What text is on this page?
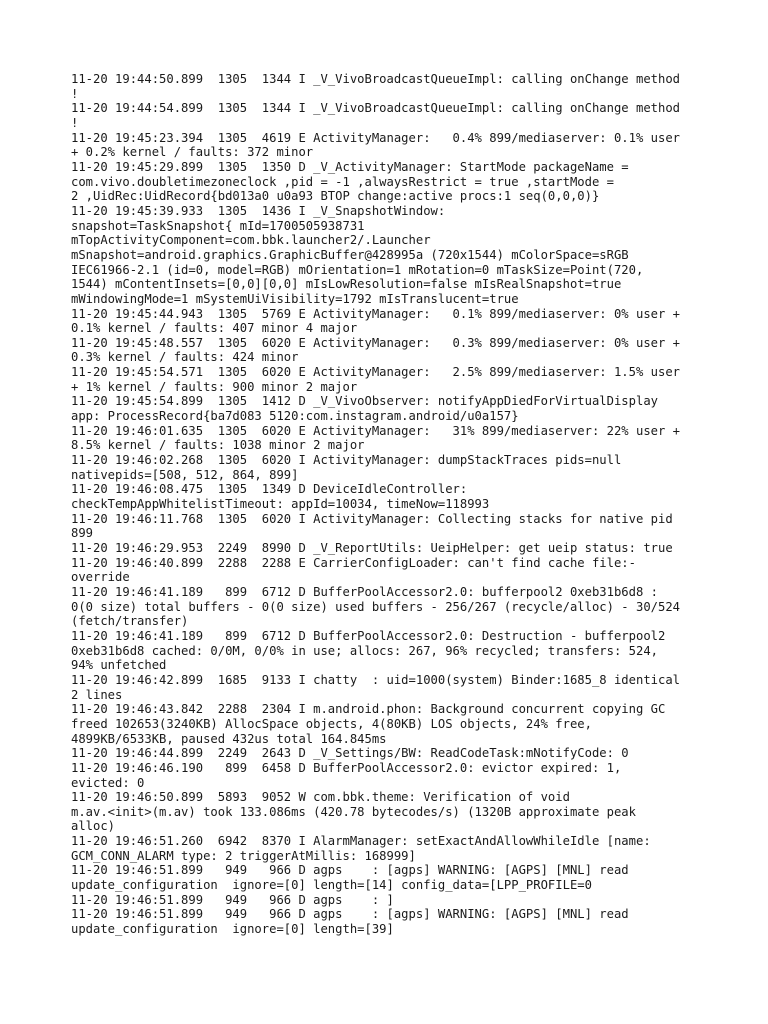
11-20 19:44:50.899  1305  1344 I _V_VivoBroadcastQueueImpl: calling onChange method
!
11-20 19:44:54.899  1305  1344 I _V_VivoBroadcastQueueImpl: calling onChange method
!
11-20 19:45:23.394  1305  4619 E ActivityManager:   0.4% 899/mediaserver: 0.1% user
+ 0.2% kernel / faults: 372 minor
11-20 19:45:29.899  1305  1350 D _V_ActivityManager: StartMode packageName =
com.vivo.doubletimezoneclock ,pid = -1 ,alwaysRestrict = true ,startMode =
2 ,UidRec:UidRecord{bd013a0 u0a93 BTOP change:active procs:1 seq(0,0,0)}
11-20 19:45:39.933  1305  1436 I _V_SnapshotWindow:
snapshot=TaskSnapshot{ mId=1700505938731
mTopActivityComponent=com.bbk.launcher2/.Launcher
mSnapshot=android.graphics.GraphicBuffer@428995a (720x1544) mColorSpace=sRGB
IEC61966-2.1 (id=0, model=RGB) mOrientation=1 mRotation=0 mTaskSize=Point(720,
1544) mContentInsets=[0,0][0,0] mIsLowResolution=false mIsRealSnapshot=true
mWindowingMode=1 mSystemUiVisibility=1792 mIsTranslucent=true
11-20 19:45:44.943  1305  5769 E ActivityManager:   0.1% 899/mediaserver: 0% user +
0.1% kernel / faults: 407 minor 4 major
11-20 19:45:48.557  1305  6020 E ActivityManager:   0.3% 899/mediaserver: 0% user +
0.3% kernel / faults: 424 minor
11-20 19:45:54.571  1305  6020 E ActivityManager:   2.5% 899/mediaserver: 1.5% user
+ 1% kernel / faults: 900 minor 2 major
11-20 19:45:54.899  1305  1412 D _V_VivoObserver: notifyAppDiedForVirtualDisplay
app: ProcessRecord{ba7d083 5120:com.instagram.android/u0a157}
11-20 19:46:01.635  1305  6020 E ActivityManager:   31% 899/mediaserver: 22% user +
8.5% kernel / faults: 1038 minor 2 major
11-20 19:46:02.268  1305  6020 I ActivityManager: dumpStackTraces pids=null
nativepids=[508, 512, 864, 899]
11-20 19:46:08.475  1305  1349 D DeviceIdleController:
checkTempAppWhitelistTimeout: appId=10034, timeNow=118993
11-20 19:46:11.768  1305  6020 I ActivityManager: Collecting stacks for native pid
899
11-20 19:46:29.953  2249  8990 D _V_ReportUtils: UeipHelper: get ueip status: true
11-20 19:46:40.899  2288  2288 E CarrierConfigLoader: can't find cache file:-
override
11-20 19:46:41.189   899  6712 D BufferPoolAccessor2.0: bufferpool2 0xeb31b6d8 :
0(0 size) total buffers - 0(0 size) used buffers - 256/267 (recycle/alloc) - 30/524
(fetch/transfer)
11-20 19:46:41.189   899  6712 D BufferPoolAccessor2.0: Destruction - bufferpool2
0xeb31b6d8 cached: 0/0M, 0/0% in use; allocs: 267, 96% recycled; transfers: 524,
94% unfetched
11-20 19:46:42.899  1685  9133 I chatty  : uid=1000(system) Binder:1685_8 identical
2 lines
11-20 19:46:43.842  2288  2304 I m.android.phon: Background concurrent copying GC
freed 102653(3240KB) AllocSpace objects, 4(80KB) LOS objects, 24% free,
4899KB/6533KB, paused 432us total 164.845ms
11-20 19:46:44.899  2249  2643 D _V_Settings/BW: ReadCodeTask:mNotifyCode: 0
11-20 19:46:46.190   899  6458 D BufferPoolAccessor2.0: evictor expired: 1,
evicted: 0
11-20 19:46:50.899  5893  9052 W com.bbk.theme: Verification of void
m.av.<init>(m.av) took 133.086ms (420.78 bytecodes/s) (1320B approximate peak
alloc)
11-20 19:46:51.260  6942  8370 I AlarmManager: setExactAndAllowWhileIdle [name:
GCM_CONN_ALARM type: 2 triggerAtMillis: 168999]
11-20 19:46:51.899   949   966 D agps    : [agps] WARNING: [AGPS] [MNL] read
update_configuration  ignore=[0] length=[14] config_data=[LPP_PROFILE=0
11-20 19:46:51.899   949   966 D agps    : ]
11-20 19:46:51.899   949   966 D agps    : [agps] WARNING: [AGPS] [MNL] read
update_configuration  ignore=[0] length=[39]
